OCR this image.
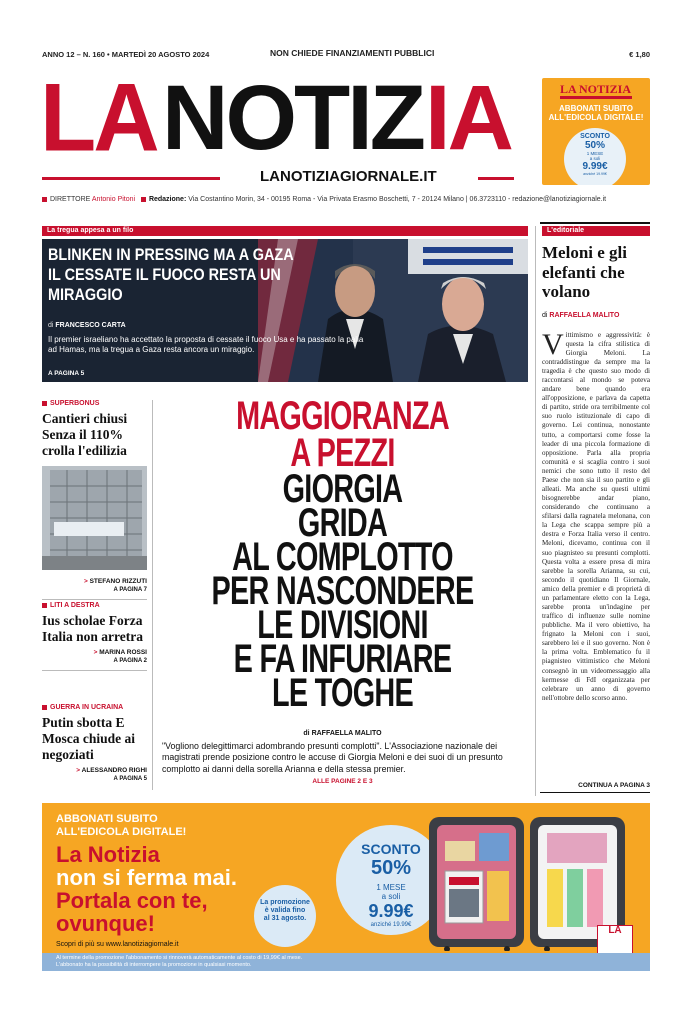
ANNO 12 – N. 160 • MARTEDÌ 20 AGOSTO 2024	NON CHIEDE FINANZIAMENTI PUBBLICI	€ 1,80
LA NOTIZ IA
LANOTIZIAGIORNALE.IT
LA NOTIZIA
ABBONATI SUBITO
ALL'EDICOLA DIGITALE!
SCONTO
50%
1 MESE
a soli
9.99€
anziché 19.99€
DIRETTORE Antonio Pitoni Redazione: Via Costantino Morin, 34 - 00195 Roma - Via Privata Erasmo Boschetti, 7 - 20124 Milano | 06.3723110 - redazione@lanotiziagiornale.it
La tregua appesa a un filo
BLINKEN IN PRESSING MA A GAZA IL CESSATE IL FUOCO RESTA UN MIRAGGIO
di FRANCESCO CARTA
Il premier israeliano ha accettato la proposta di cessate il fuoco Usa e ha passato la palla ad Hamas, ma la tregua a Gaza resta ancora un miraggio.
A PAGINA 5
L'editoriale
Meloni e gli elefanti che volano
di RAFFAELLA MALITO
Vittimismo e aggressività: è questa la cifra stilistica di Giorgia Meloni. La contraddistingue da sempre ma la tragedia è che questo suo modo di raccontarsi al mondo se poteva andare bene quando era all'opposizione, e parlava da capetta di partito, stride ora terribilmente col suo ruolo istituzionale di capo di governo. Lei continua, nonostante tutto, a comportarsi come fosse la leader di una piccola formazione di opposizione. Parla alla propria comunità e si scaglia contro i suoi nemici che sono tutto il resto del Paese che non sia il suo partito e gli alleati. Ma anche su questi ultimi bisognerebbe andar piano, considerando che continuano a sfilarsi dalla ragnatela melonana, con la Lega che scappa sempre più a destra e Forza Italia verso il centro. Meloni, dicevamo, continua con il suo piagnisteo su presunti complotti. Questa volta a essere presa di mira sarebbe la sorella Arianna, su cui, secondo il quotidiano Il Giornale, amico della premier e di proprietà di un parlamentare eletto con la Lega, sarebbe pronta un'indagine per traffico di influenze sulle nomine pubbliche. Ma il vero obiettivo, ha frignato la Meloni con i suoi, sarebbero lei e il suo governo. Non è la prima volta. Emblematico fu il piagnisteo vittimistico che Meloni consegnò in un videomessaggio alla kermesse di FdI organizzata per celebrare un anno di governo nell'ottobre dello scorso anno.
CONTINUA A PAGINA 3
SUPERBONUS
Cantieri chiusi Senza il 110% crolla l'edilizia
> STEFANO RIZZUTI
A PAGINA 7
LITI A DESTRA
Ius scholae Forza Italia non arretra
> MARINA ROSSI
A PAGINA 2
GUERRA IN UCRAINA
Putin sbotta E Mosca chiude ai negoziati
> ALESSANDRO RIGHI
A PAGINA 5
MAGGIORANZA
A PEZZI
GIORGIA
GRIDA
AL COMPLOTTO
PER NASCONDERE
LE DIVISIONI
E FA INFURIARE
LE TOGHE
di RAFFAELLA MALITO
"Vogliono delegittimarci adombrando presunti complotti". L'Associazione nazionale dei magistrati prende posizione contro le accuse di Giorgia Meloni e dei suoi di un presunto complotto ai danni della sorella Arianna e della stessa premier.
ALLE PAGINE 2 E 3
ABBONATI SUBITO
ALL'EDICOLA DIGITALE!
La Notizia
non si ferma mai.
Portala con te,
ovunque!
La promozione
è valida fino
al 31 agosto.
SCONTO
50%
1 MESE
a soli
9.99€
anziché 19.99€	LA
Scopri di più su www.lanotiziagiornale.it
Al termine della promozione l'abbonamento si rinnoverà automaticamente al costo di 19,99€ al mese.
L'abbonato ha la possibilità di interrompere la promozione in qualsiasi momento.
